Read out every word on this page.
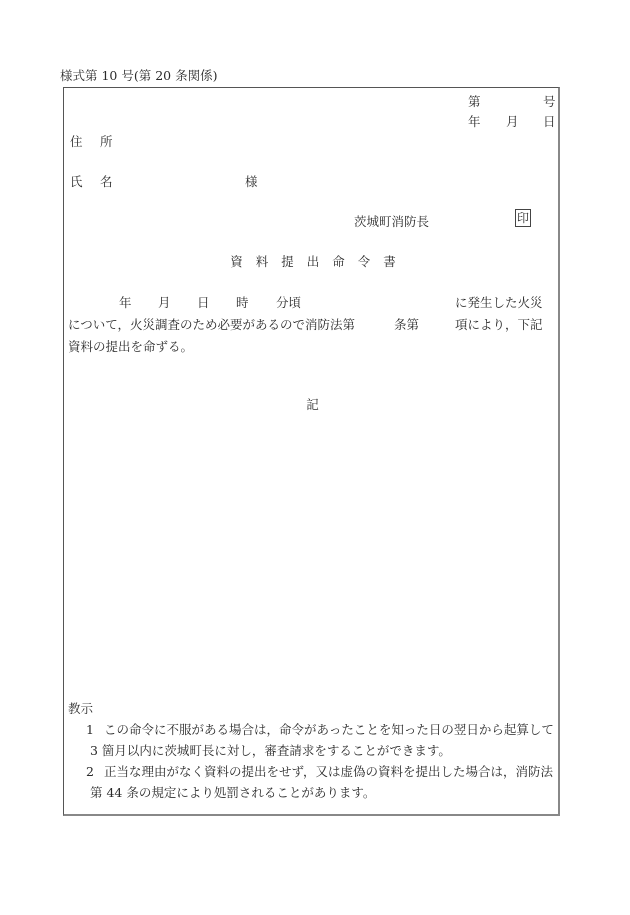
様式第 10 号(第 20 条関係)
第	号
年 月 日
住 所
氏 名	様
茨城町消防長	印
資料提出命令書
年 月 日 時 分頃	に発生した火災
について，火災調査のため必要があるので消防法第	条第	項により，下記
資料の提出を命ずる。
記
教示
1 この命令に不服がある場合は，命令があったことを知った日の翌日から起算して
3 箇月以内に茨城町長に対し，審査請求をすることができます。
2 正当な理由がなく資料の提出をせず，又は虚偽の資料を提出した場合は，消防法
第 44 条の規定により処罰されることがあります。
